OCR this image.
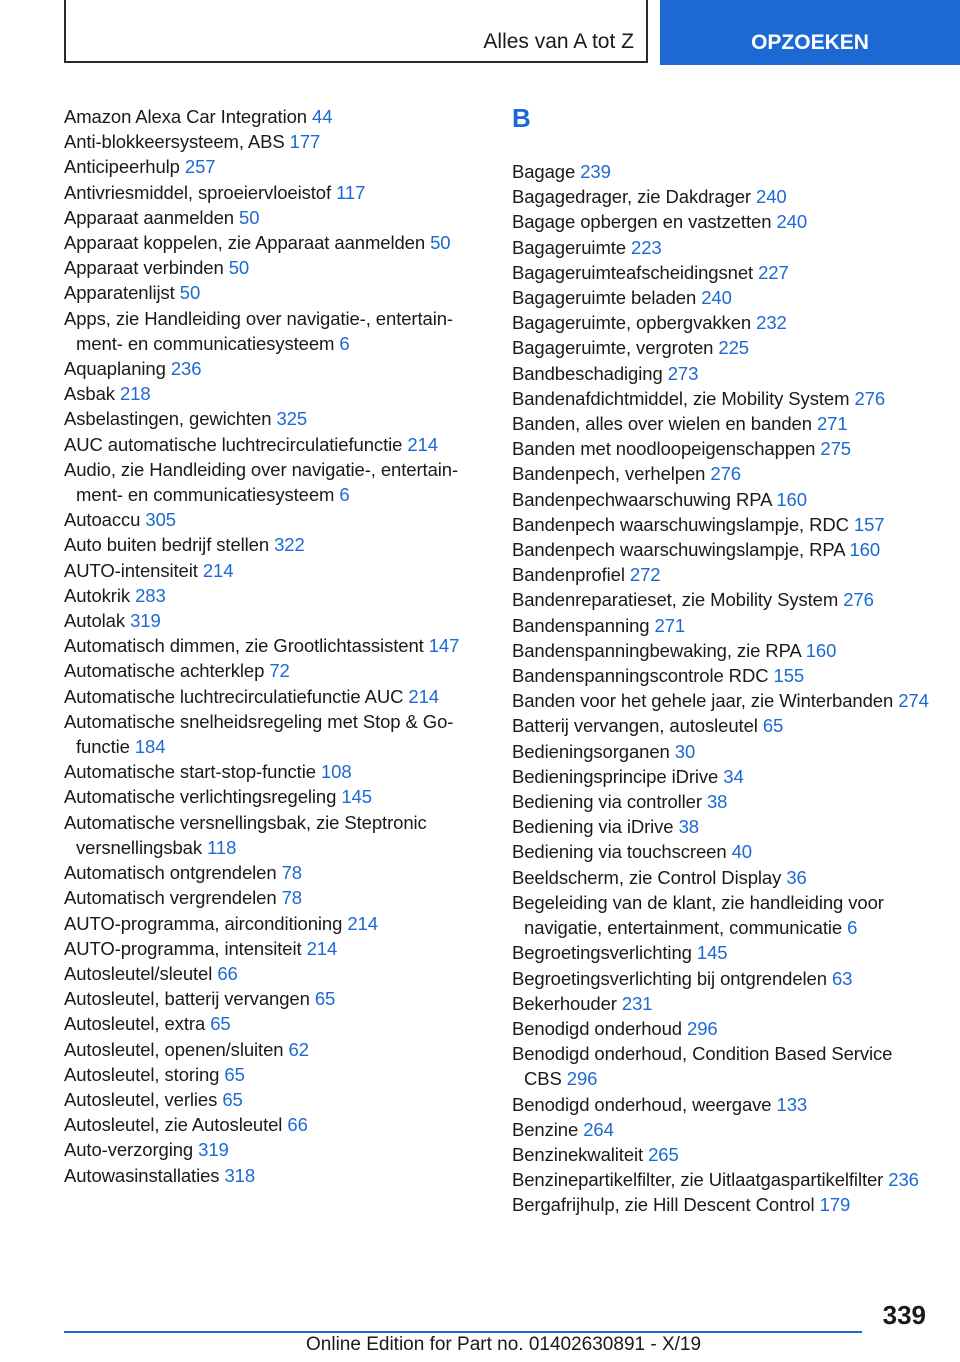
Alles van A tot Z	OPZOEKEN
Amazon Alexa Car Integration 44
Anti-blokkeersysteem, ABS 177
Anticipeerhulp 257
Antivriesmiddel, sproeiervloeistof 117
Apparaat aanmelden 50
Apparaat koppelen, zie Apparaat aanmelden 50
Apparaat verbinden 50
Apparatenlijst 50
Apps, zie Handleiding over navigatie-, entertainment- en communicatiesysteem 6
Aquaplaning 236
Asbak 218
Asbelastingen, gewichten 325
AUC automatische luchtrecirculatiefunctie 214
Audio, zie Handleiding over navigatie-, entertainment- en communicatiesysteem 6
Autoaccu 305
Auto buiten bedrijf stellen 322
AUTO-intensiteit 214
Autokrik 283
Autolak 319
Automatisch dimmen, zie Grootlichtassistent 147
Automatische achterklep 72
Automatische luchtrecirculatiefunctie AUC 214
Automatische snelheidsregeling met Stop & Go-functie 184
Automatische start-stop-functie 108
Automatische verlichtingsregeling 145
Automatische versnellingsbak, zie Steptronic versnellingsbak 118
Automatisch ontgrendelen 78
Automatisch vergrendelen 78
AUTO-programma, airconditioning 214
AUTO-programma, intensiteit 214
Autosleutel/sleutel 66
Autosleutel, batterij vervangen 65
Autosleutel, extra 65
Autosleutel, openen/sluiten 62
Autosleutel, storing 65
Autosleutel, verlies 65
Autosleutel, zie Autosleutel 66
Auto-verzorging 319
Autowasinstallaties 318
B
Bagage 239
Bagagedrager, zie Dakdrager 240
Bagage opbergen en vastzetten 240
Bagageruimte 223
Bagageruimteafscheidingsnet 227
Bagageruimte beladen 240
Bagageruimte, opbergvakken 232
Bagageruimte, vergroten 225
Bandbeschadiging 273
Bandenafdichtmiddel, zie Mobility System 276
Banden, alles over wielen en banden 271
Banden met noodloopeigenschappen 275
Bandenpech, verhelpen 276
Bandenpechwaarschuwing RPA 160
Bandenpech waarschuwingslampje, RDC 157
Bandenpech waarschuwingslampje, RPA 160
Bandenprofiel 272
Bandenreparatieset, zie Mobility System 276
Bandenspanning 271
Bandenspanningbewaking, zie RPA 160
Bandenspanningscontrole RDC 155
Banden voor het gehele jaar, zie Winterbanden 274
Batterij vervangen, autosleutel 65
Bedieningsorganen 30
Bedieningsprincipe iDrive 34
Bediening via controller 38
Bediening via iDrive 38
Bediening via touchscreen 40
Beeldscherm, zie Control Display 36
Begeleiding van de klant, zie handleiding voor navigatie, entertainment, communicatie 6
Begroetingsverlichting 145
Begroetingsverlichting bij ontgrendelen 63
Bekerhouder 231
Benodigd onderhoud 296
Benodigd onderhoud, Condition Based Service CBS 296
Benodigd onderhoud, weergave 133
Benzine 264
Benzinekwaliteit 265
Benzinepartikelfilter, zie Uitlaatgaspartikelfilter 236
Bergafrijhulp, zie Hill Descent Control 179
339
Online Edition for Part no. 01402630891 - X/19
